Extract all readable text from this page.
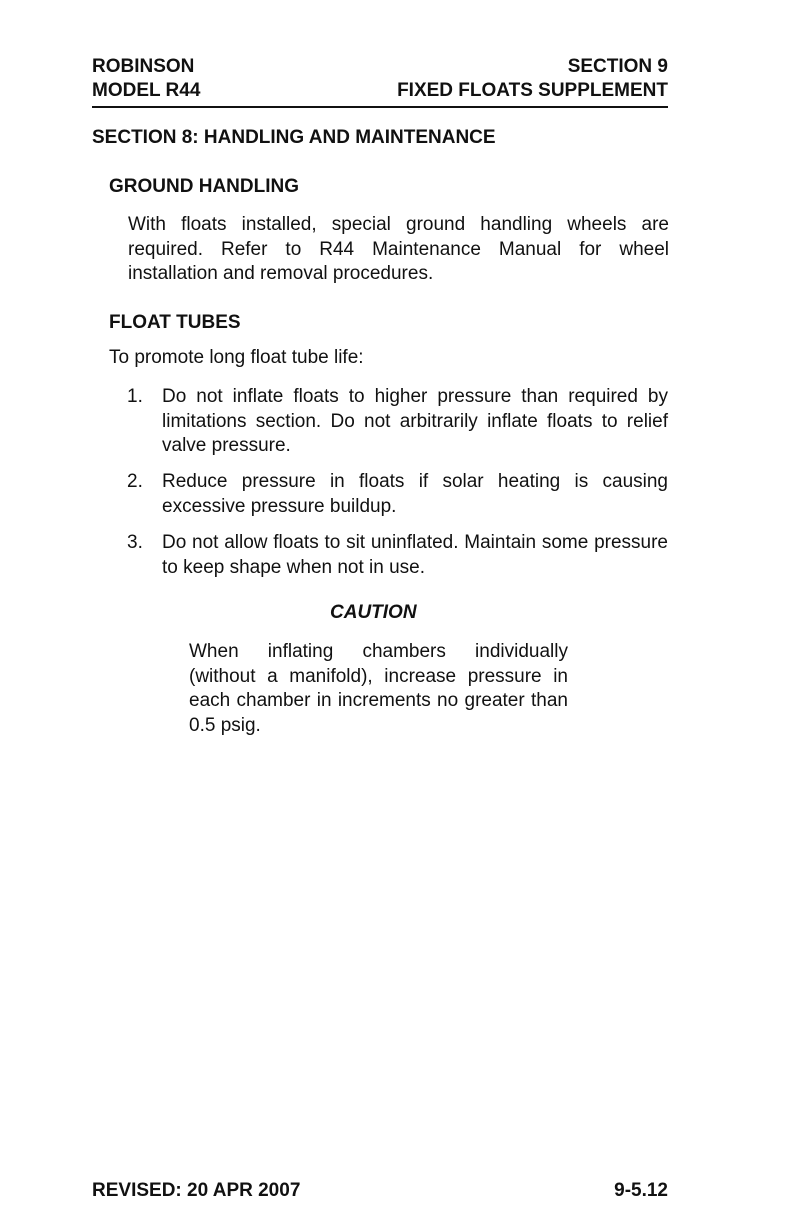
ROBINSON
MODEL R44
SECTION 9
FIXED FLOATS SUPPLEMENT
SECTION 8: HANDLING AND MAINTENANCE
GROUND HANDLING
With floats installed, special ground handling wheels are required. Refer to R44 Maintenance Manual for wheel installation and removal procedures.
FLOAT TUBES
To promote long float tube life:
1. Do not inflate floats to higher pressure than required by limitations section. Do not arbitrarily inflate floats to relief valve pressure.
2. Reduce pressure in floats if solar heating is causing excessive pressure buildup.
3. Do not allow floats to sit uninflated. Maintain some pressure to keep shape when not in use.
CAUTION
When inflating chambers individually (without a manifold), increase pressure in each chamber in increments no greater than 0.5 psig.
REVISED: 20 APR 2007	9-5.12
